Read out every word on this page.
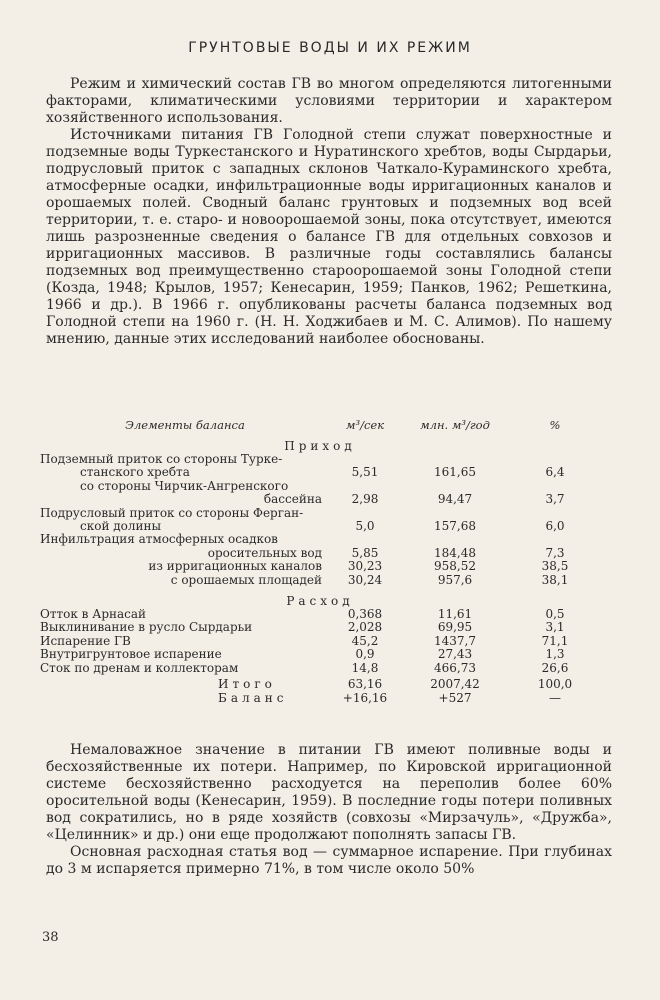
ГРУНТОВЫЕ ВОДЫ И ИХ РЕЖИМ

Режим и химический состав ГВ во многом определяются литогенными факторами, климатическими условиями территории и характером хозяйственного использования.

Источниками питания ГВ Голодной степи служат поверхностные и подземные воды Туркестанского и Нуратинского хребтов, воды Сырдарьи, подрусловый приток с западных склонов Чаткало-Кураминского хребта, атмосферные осадки, инфильтрационные воды ирригационных каналов и орошаемых полей. Сводный баланс грунтовых и подземных вод всей территории, т. е. старо- и новоорошаемой зоны, пока отсутствует, имеются лишь разрозненные сведения о балансе ГВ для отдельных совхозов и ирригационных массивов. В различные годы составлялись балансы подземных вод преимущественно староорошаемой зоны Голодной степи (Козда, 1948; Крылов, 1957; Кенесарин, 1959; Панков, 1962; Решеткина, 1966 и др.). В 1966 г. опубликованы расчеты баланса подземных вод Голодной степи на 1960 г. (Н. Н. Ходжибаев и М. С. Алимов). По нашему мнению, данные этих исследований наиболее обоснованы.

Элементы баланса	м³/сек	млн. м³/год	%
Приход			
Подземный приток со стороны Турке-			
станского хребта	5,51	161,65	6,4
со стороны Чирчик-Ангренского			
бассейна	2,98	94,47	3,7
Подрусловый приток со стороны Ферган-			
ской долины	5,0	157,68	6,0
Инфильтрация атмосферных осадков			
оросительных вод	5,85	184,48	7,3
из ирригационных каналов	30,23	958,52	38,5
с орошаемых площадей	30,24	957,6	38,1
Расход			
Отток в Арнасай	0,368	11,61	0,5
Выклинивание в русло Сырдарьи	2,028	69,95	3,1
Испарение ГВ	45,2	1437,7	71,1
Внутригрунтовое испарение	0,9	27,43	1,3
Сток по дренам и коллекторам	14,8	466,73	26,6
Итого	63,16	2007,42	100,0
Баланс	+16,16	+527	—

Немаловажное значение в питании ГВ имеют поливные воды и бесхозяйственные их потери. Например, по Кировской ирригационной системе бесхозяйственно расходуется на переполив более 60% оросительной воды (Кенесарин, 1959). В последние годы потери поливных вод сократились, но в ряде хозяйств (совхозы «Мирзачуль», «Дружба», «Целинник» и др.) они еще продолжают пополнять запасы ГВ.

Основная расходная статья вод — суммарное испарение. При глубинах до 3 м испаряется примерно 71%, в том числе около 50%

38
